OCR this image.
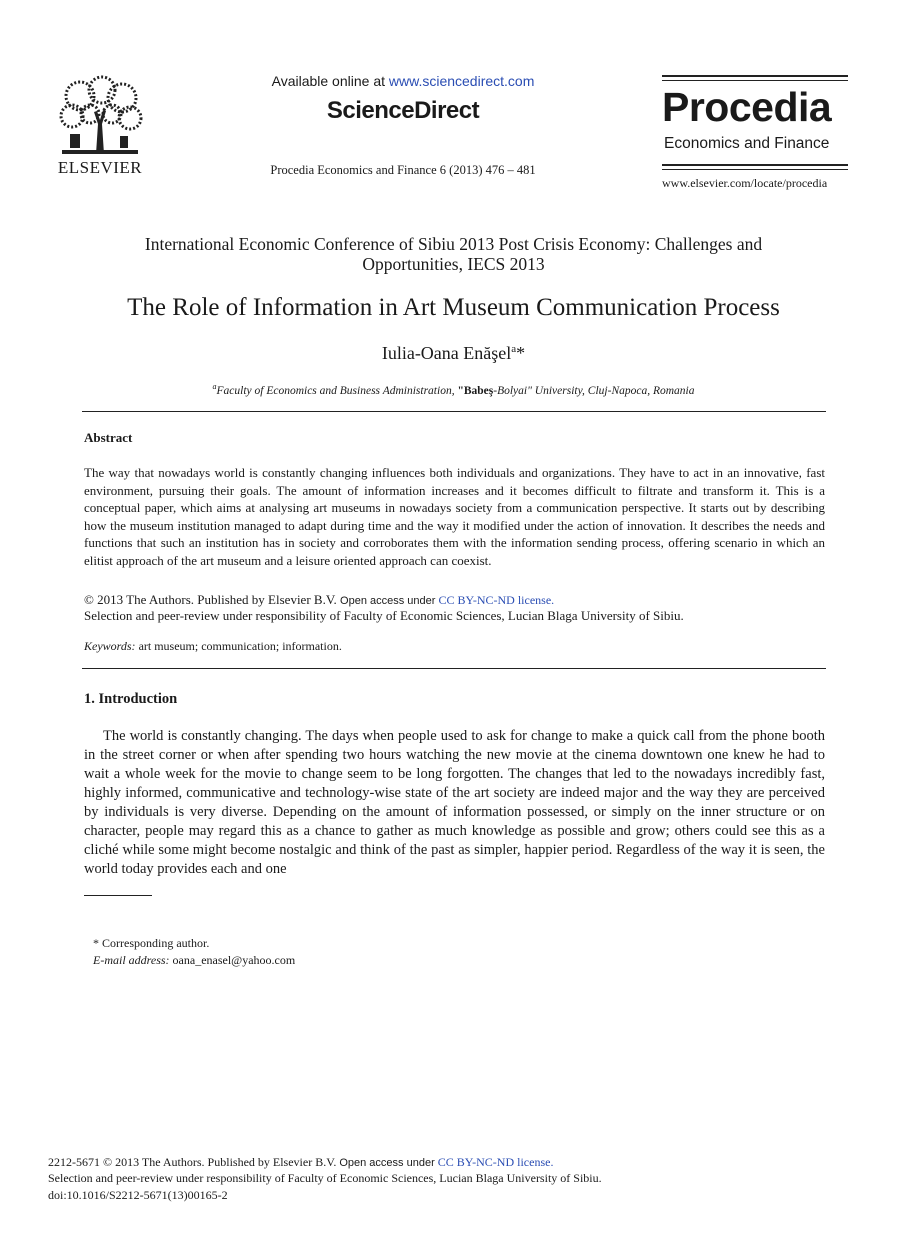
ELSEVIER
Available online at www.sciencedirect.com
ScienceDirect
Procedia Economics and Finance 6 (2013) 476 – 481
Procedia
Economics and Finance
www.elsevier.com/locate/procedia
International Economic Conference of Sibiu 2013 Post Crisis Economy: Challenges and Opportunities, IECS 2013
The Role of Information in Art Museum Communication Process
Iulia-Oana Enăşel$^a$*
$^a$Faculty of Economics and Business Administration, "Babeş-Bolyai" University, Cluj-Napoca, Romania
Abstract
The way that nowadays world is constantly changing influences both individuals and organizations. They have to act in an innovative, fast environment, pursuing their goals. The amount of information increases and it becomes difficult to filtrate and transform it. This is a conceptual paper, which aims at analysing art museums in nowadays society from a communication perspective. It starts out by describing how the museum institution managed to adapt during time and the way it modified under the action of innovation. It describes the needs and functions that such an institution has in society and corroborates them with the information sending process, offering scenario in which an elitist approach of the art museum and a leisure oriented approach can coexist.
© 2013 The Authors. Published by Elsevier B.V. Open access under CC BY-NC-ND license.
Selection and peer-review under responsibility of Faculty of Economic Sciences, Lucian Blaga University of Sibiu.
Keywords: art museum; communication; information.
1. Introduction
The world is constantly changing. The days when people used to ask for change to make a quick call from the phone booth in the street corner or when after spending two hours watching the new movie at the cinema downtown one knew he had to wait a whole week for the movie to change seem to be long forgotten. The changes that led to the nowadays incredibly fast, highly informed, communicative and technology-wise state of the art society are indeed major and the way they are perceived by individuals is very diverse. Depending on the amount of information possessed, or simply on the inner structure or on character, people may regard this as a chance to gather as much knowledge as possible and grow; others could see this as a cliché while some might become nostalgic and think of the past as simpler, happier period. Regardless of the way it is seen, the world today provides each and one
* Corresponding author.
E-mail address: oana_enasel@yahoo.com
2212-5671 © 2013 The Authors. Published by Elsevier B.V. Open access under CC BY-NC-ND license.
Selection and peer-review under responsibility of Faculty of Economic Sciences, Lucian Blaga University of Sibiu.
doi:10.1016/S2212-5671(13)00165-2
